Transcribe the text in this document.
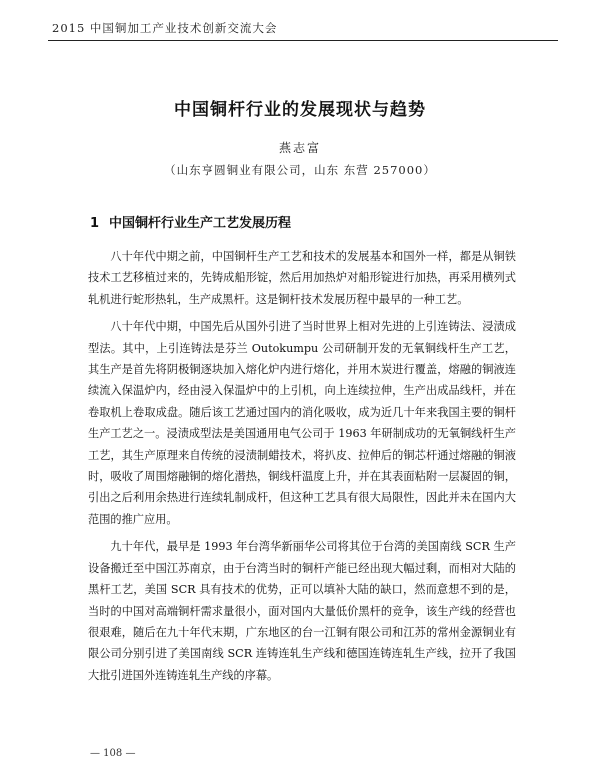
2015 中国铜加工产业技术创新交流大会
中国铜杆行业的发展现状与趋势
燕志富
（山东亨圆铜业有限公司，山东 东营 257000）
1 中国铜杆行业生产工艺发展历程

八十年代中期之前，中国铜杆生产工艺和技术的发展基本和国外一样，都是从铜铁技术工艺移植过来的，先铸成船形锭，然后用加热炉对船形锭进行加热，再采用横列式轧机进行蛇形热轧，生产成黑杆。这是铜杆技术发展历程中最早的一种工艺。

八十年代中期，中国先后从国外引进了当时世界上相对先进的上引连铸法、浸渍成型法。其中，上引连铸法是芬兰 Outokumpu 公司研制开发的无氧铜线杆生产工艺，其生产是首先将阴极铜逐块加入熔化炉内进行熔化，并用木炭进行覆盖，熔融的铜液连续流入保温炉内，经由浸入保温炉中的上引机，向上连续拉伸，生产出成品线杆，并在卷取机上卷取成盘。随后该工艺通过国内的消化吸收，成为近几十年来我国主要的铜杆生产工艺之一。浸渍成型法是美国通用电气公司于 1963 年研制成功的无氧铜线杆生产工艺，其生产原理来自传统的浸渍制蜡技术，将扒皮、拉伸后的铜芯杆通过熔融的铜液时，吸收了周围熔融铜的熔化潜热，铜线杆温度上升，并在其表面粘附一层凝固的铜，引出之后利用余热进行连续轧制成杆，但这种工艺具有很大局限性，因此并未在国内大范围的推广应用。

九十年代，最早是 1993 年台湾华新丽华公司将其位于台湾的美国南线 SCR 生产设备搬迁至中国江苏南京，由于台湾当时的铜杆产能已经出现大幅过剩，而相对大陆的黑杆工艺，美国 SCR 具有技术的优势，正可以填补大陆的缺口，然而意想不到的是，当时的中国对高端铜杆需求量很小，面对国内大量低价黑杆的竞争，该生产线的经营也很艰难，随后在九十年代末期，广东地区的台一江铜有限公司和江苏的常州金源铜业有限公司分别引进了美国南线 SCR 连铸连轧生产线和德国连铸连轧生产线，拉开了我国大批引进国外连铸连轧生产线的序幕。

— 108 —
